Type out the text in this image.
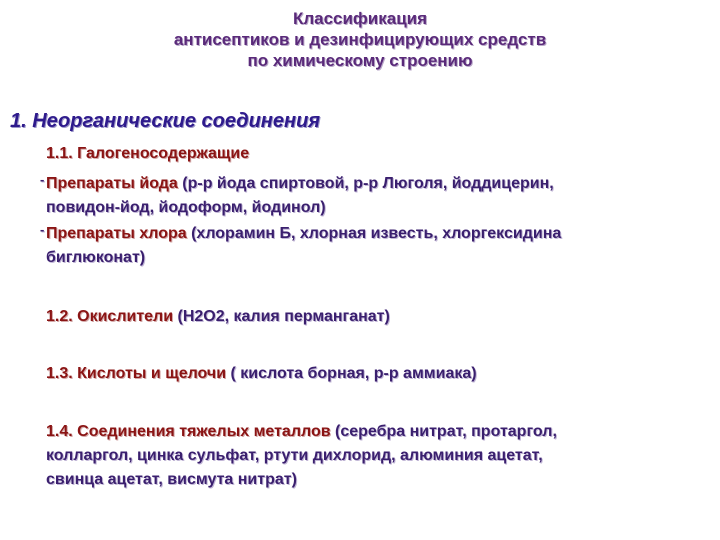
Классификация
антисептиков и дезинфицирующих средств
по химическому строению
1. Неорганические соединения
1.1. Галогеносодержащие
- Препараты йода (р-р йода спиртовой, р-р Люголя, йоддицерин,
повидон-йод, йодоформ, йодинол)
- Препараты хлора (хлорамин Б, хлорная известь, хлоргексидина
биглюконат)
1.2. Окислители (Н2О2, калия перманганат)
1.3. Кислоты и щелочи ( кислота борная, р-р аммиака)
1.4. Соединения тяжелых металлов (серебра нитрат, протаргол,
колларгол, цинка сульфат, ртути дихлорид, алюминия ацетат,
свинца ацетат, висмута нитрат)
